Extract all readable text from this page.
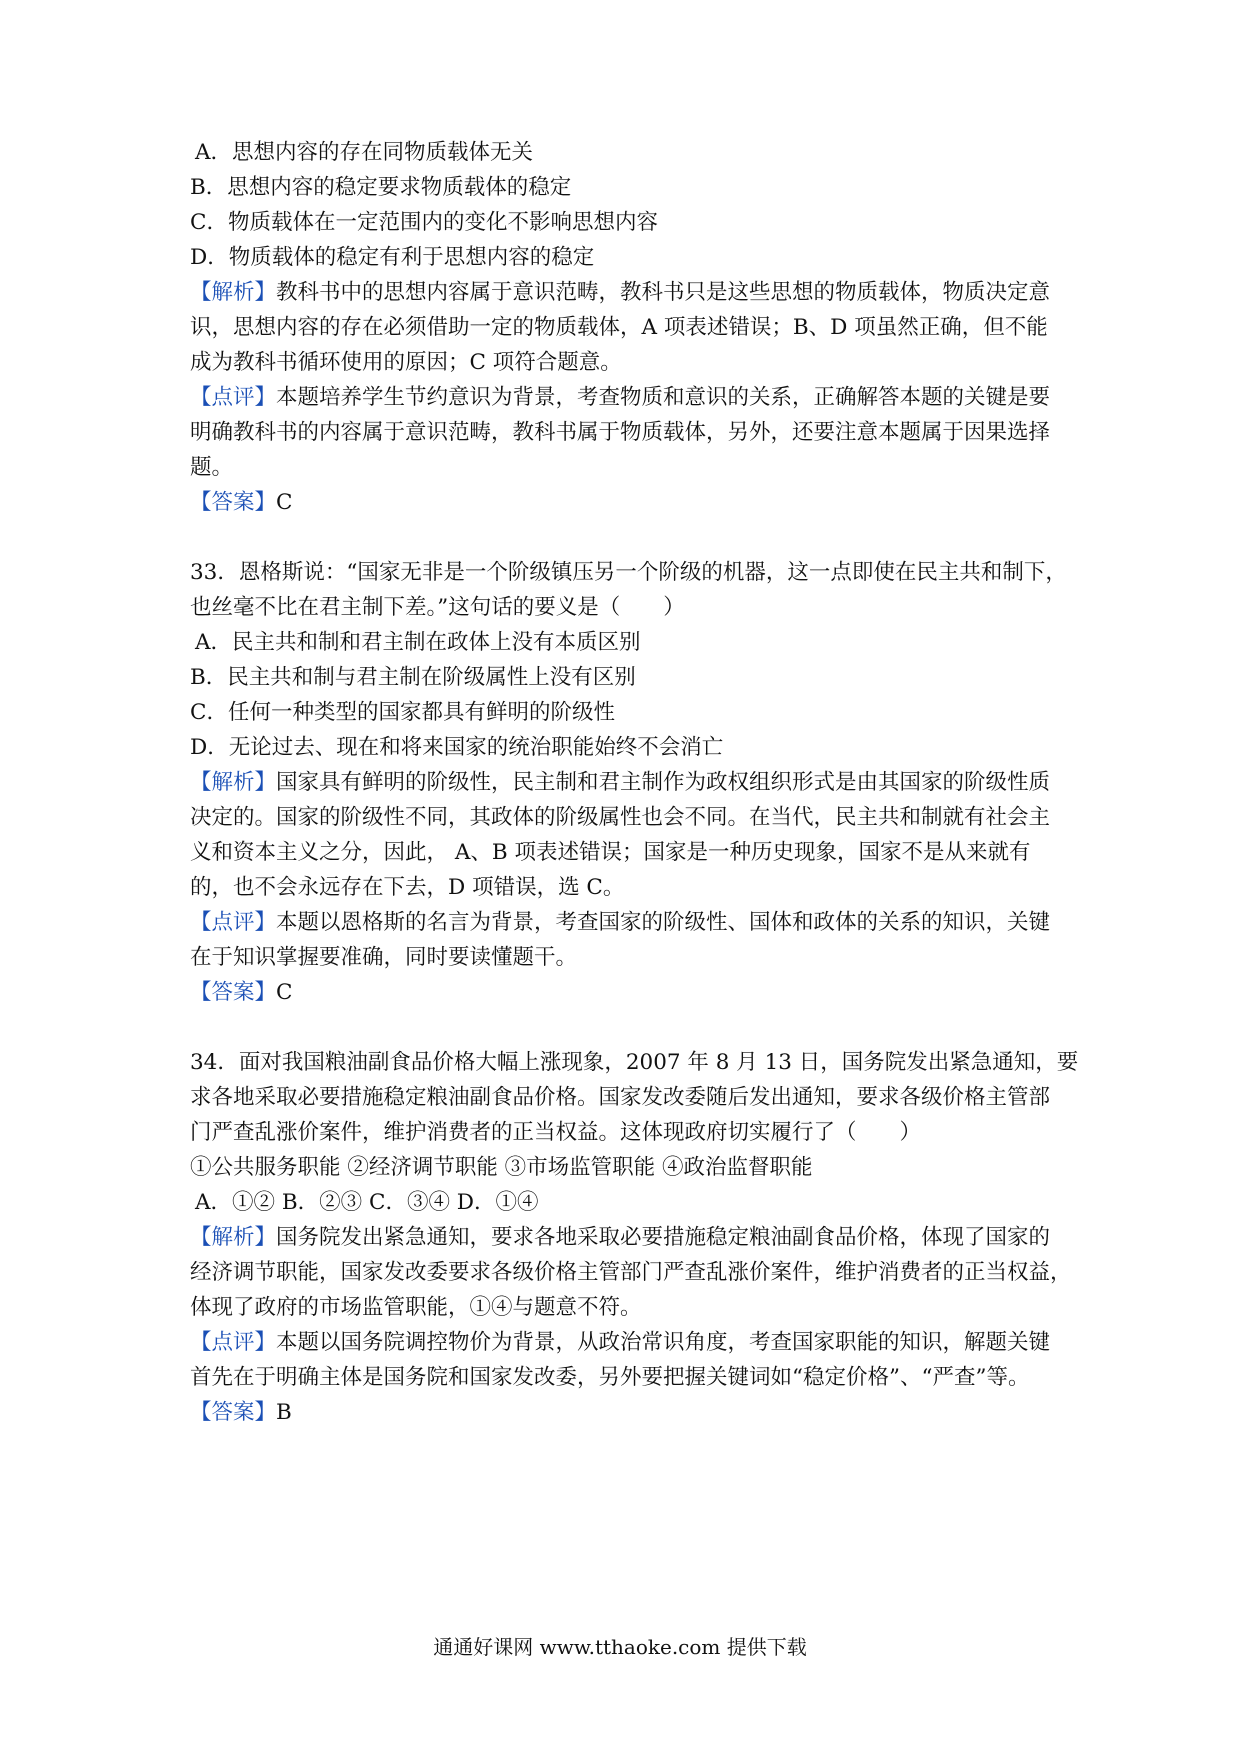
A．思想内容的存在同物质载体无关
B．思想内容的稳定要求物质载体的稳定
C．物质载体在一定范围内的变化不影响思想内容
D．物质载体的稳定有利于思想内容的稳定
【解析】教科书中的思想内容属于意识范畴，教科书只是这些思想的物质载体，物质决定意
识，思想内容的存在必须借助一定的物质载体，A 项表述错误；B、D 项虽然正确，但不能
成为教科书循环使用的原因；C 项符合题意。
【点评】本题培养学生节约意识为背景，考查物质和意识的关系，正确解答本题的关键是要
明确教科书的内容属于意识范畴，教科书属于物质载体，另外，还要注意本题属于因果选择
题。
【答案】C
33．恩格斯说：“国家无非是一个阶级镇压另一个阶级的机器，这一点即使在民主共和制下，
也丝毫不比在君主制下差。”这句话的要义是（　　）
A．民主共和制和君主制在政体上没有本质区别
B．民主共和制与君主制在阶级属性上没有区别
C．任何一种类型的国家都具有鲜明的阶级性
D．无论过去、现在和将来国家的统治职能始终不会消亡
【解析】国家具有鲜明的阶级性，民主制和君主制作为政权组织形式是由其国家的阶级性质
决定的。国家的阶级性不同，其政体的阶级属性也会不同。在当代，民主共和制就有社会主
义和资本主义之分，因此， A、B 项表述错误；国家是一种历史现象，国家不是从来就有
的，也不会永远存在下去，D 项错误，选 C。
【点评】本题以恩格斯的名言为背景，考查国家的阶级性、国体和政体的关系的知识，关键
在于知识掌握要准确，同时要读懂题干。
【答案】C
34．面对我国粮油副食品价格大幅上涨现象，2007 年 8 月 13 日，国务院发出紧急通知，要
求各地采取必要措施稳定粮油副食品价格。国家发改委随后发出通知，要求各级价格主管部
门严查乱涨价案件，维护消费者的正当权益。这体现政府切实履行了（　　）
①公共服务职能 ②经济调节职能 ③市场监管职能 ④政治监督职能
A．①② B．②③ C．③④ D．①④
【解析】国务院发出紧急通知，要求各地采取必要措施稳定粮油副食品价格，体现了国家的
经济调节职能，国家发改委要求各级价格主管部门严查乱涨价案件，维护消费者的正当权益，
体现了政府的市场监管职能，①④与题意不符。
【点评】本题以国务院调控物价为背景，从政治常识角度，考查国家职能的知识，解题关键
首先在于明确主体是国务院和国家发改委，另外要把握关键词如“稳定价格”、“严查”等。
【答案】B
通通好课网 www.tthaoke.com 提供下载
